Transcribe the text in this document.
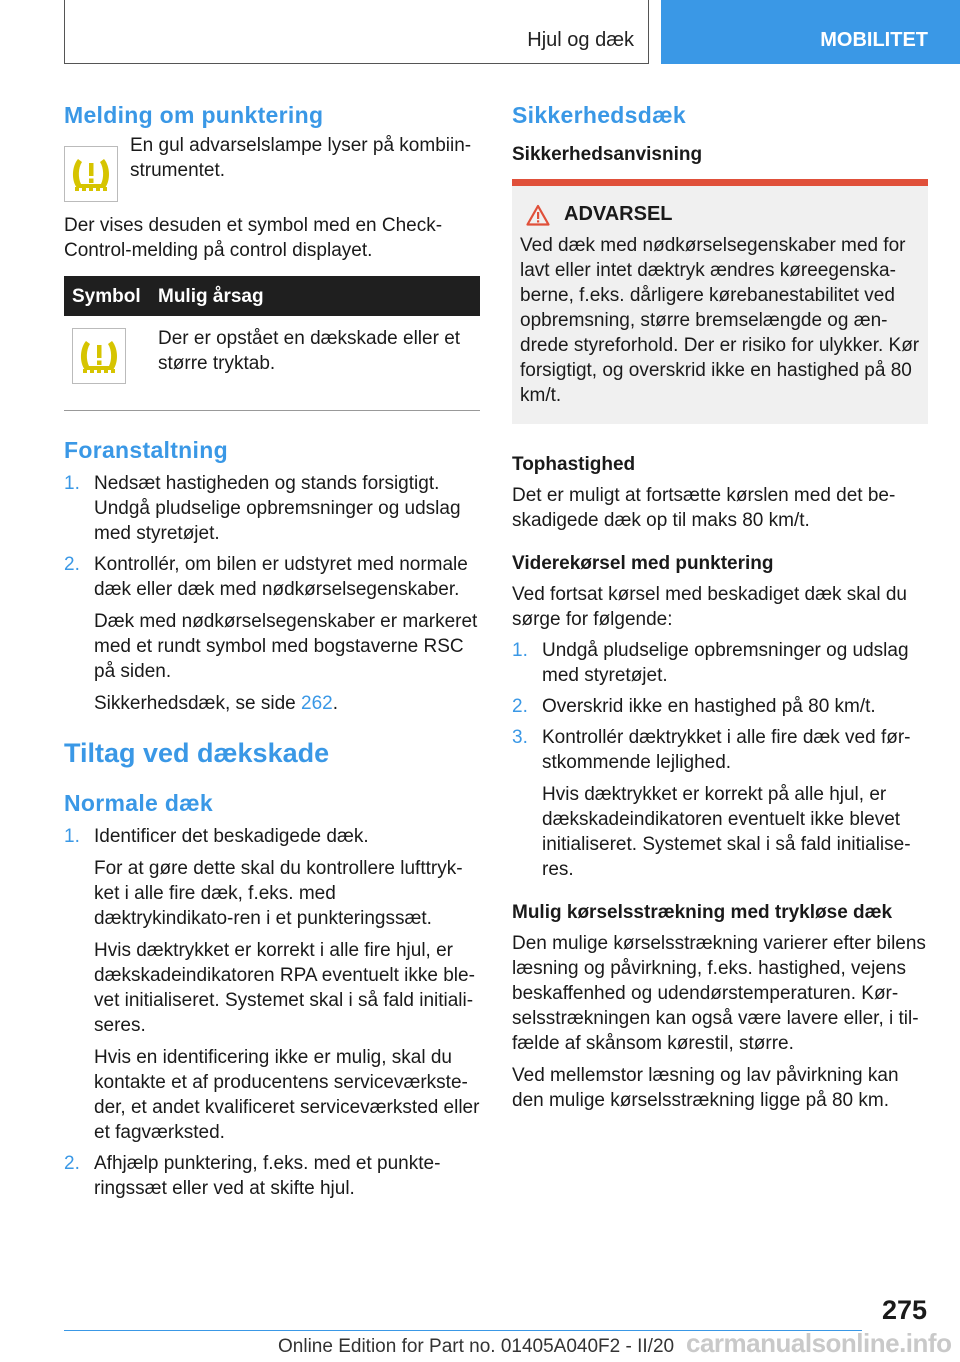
Hjul og dæk	MOBILITET
Melding om punktering
En gul advarselslampe lyser på kombiin-
strumentet.

Der vises desuden et symbol med en Check-Control-melding på control displayet.

Symbol	Mulig årsag

	Der er opstået en dækskade eller et større tryktab.
Foranstaltning
1. Nedsæt hastigheden og stands forsigtigt. Undgå pludselige opbremsninger og udslag med styretøjet.

2. Kontrollér, om bilen er udstyret med normale dæk eller dæk med nødkørselsegenskaber.

Dæk med nødkørselsegenskaber er markeret med et rundt symbol med bogstaverne RSC på siden.

Sikkerhedsdæk, se side 262.

Tiltag ved dækskade
Normale dæk
1. Identificer det beskadigede dæk.

For at gøre dette skal du kontrollere lufttryk-ket i alle fire dæk, f.eks. med dæktrykindikato-ren i et punkteringssæt.

Hvis dæktrykket er korrekt i alle fire hjul, er dækskadeindikatoren RPA eventuelt ikke ble-vet initialiseret. Systemet skal i så fald initiali-seres.

Hvis en identificering ikke er mulig, skal du kontakte et af producentens serviceværkste-der, et andet kvalificeret serviceværksted eller et fagværksted.

2. Afhjælp punktering, f.eks. med et punkte-ringssæt eller ved at skifte hjul.

Sikkerhedsdæk
Sikkerhedsanvisning
ADVARSEL

Ved dæk med nødkørselsegenskaber med for lavt eller intet dæktryk ændres køreegenska-berne, f.eks. dårligere kørebanestabilitet ved opbremsning, større bremselængde og æn-drede styreforhold. Der er risiko for ulykker. Kør forsigtigt, og overskrid ikke en hastighed på 80 km/t.

Tophastighed

Det er muligt at fortsætte kørslen med det be-skadigede dæk op til maks 80 km/t.

Viderekørsel med punktering

Ved fortsat kørsel med beskadiget dæk skal du sørge for følgende:

1. Undgå pludselige opbremsninger og udslag med styretøjet.

2. Overskrid ikke en hastighed på 80 km/t.

3. Kontrollér dæktrykket i alle fire dæk ved før-stkommende lejlighed.

Hvis dæktrykket er korrekt på alle hjul, er dækskadeindikatoren eventuelt ikke blevet initialiseret. Systemet skal i så fald initialise-res.

Mulig kørselsstrækning med trykløse dæk

Den mulige kørselsstrækning varierer efter bilens læsning og påvirkning, f.eks. hastighed, vejens beskaffenhed og udendørstemperaturen. Kør-selsstrækningen kan også være lavere eller, i til-fælde af skånsom kørestil, større.

Ved mellemstor læsning og lav påvirkning kan den mulige kørselsstrækning ligge på 80 km.

275
Online Edition for Part no. 01405A040F2 - II/20 carmanualsonline.info
